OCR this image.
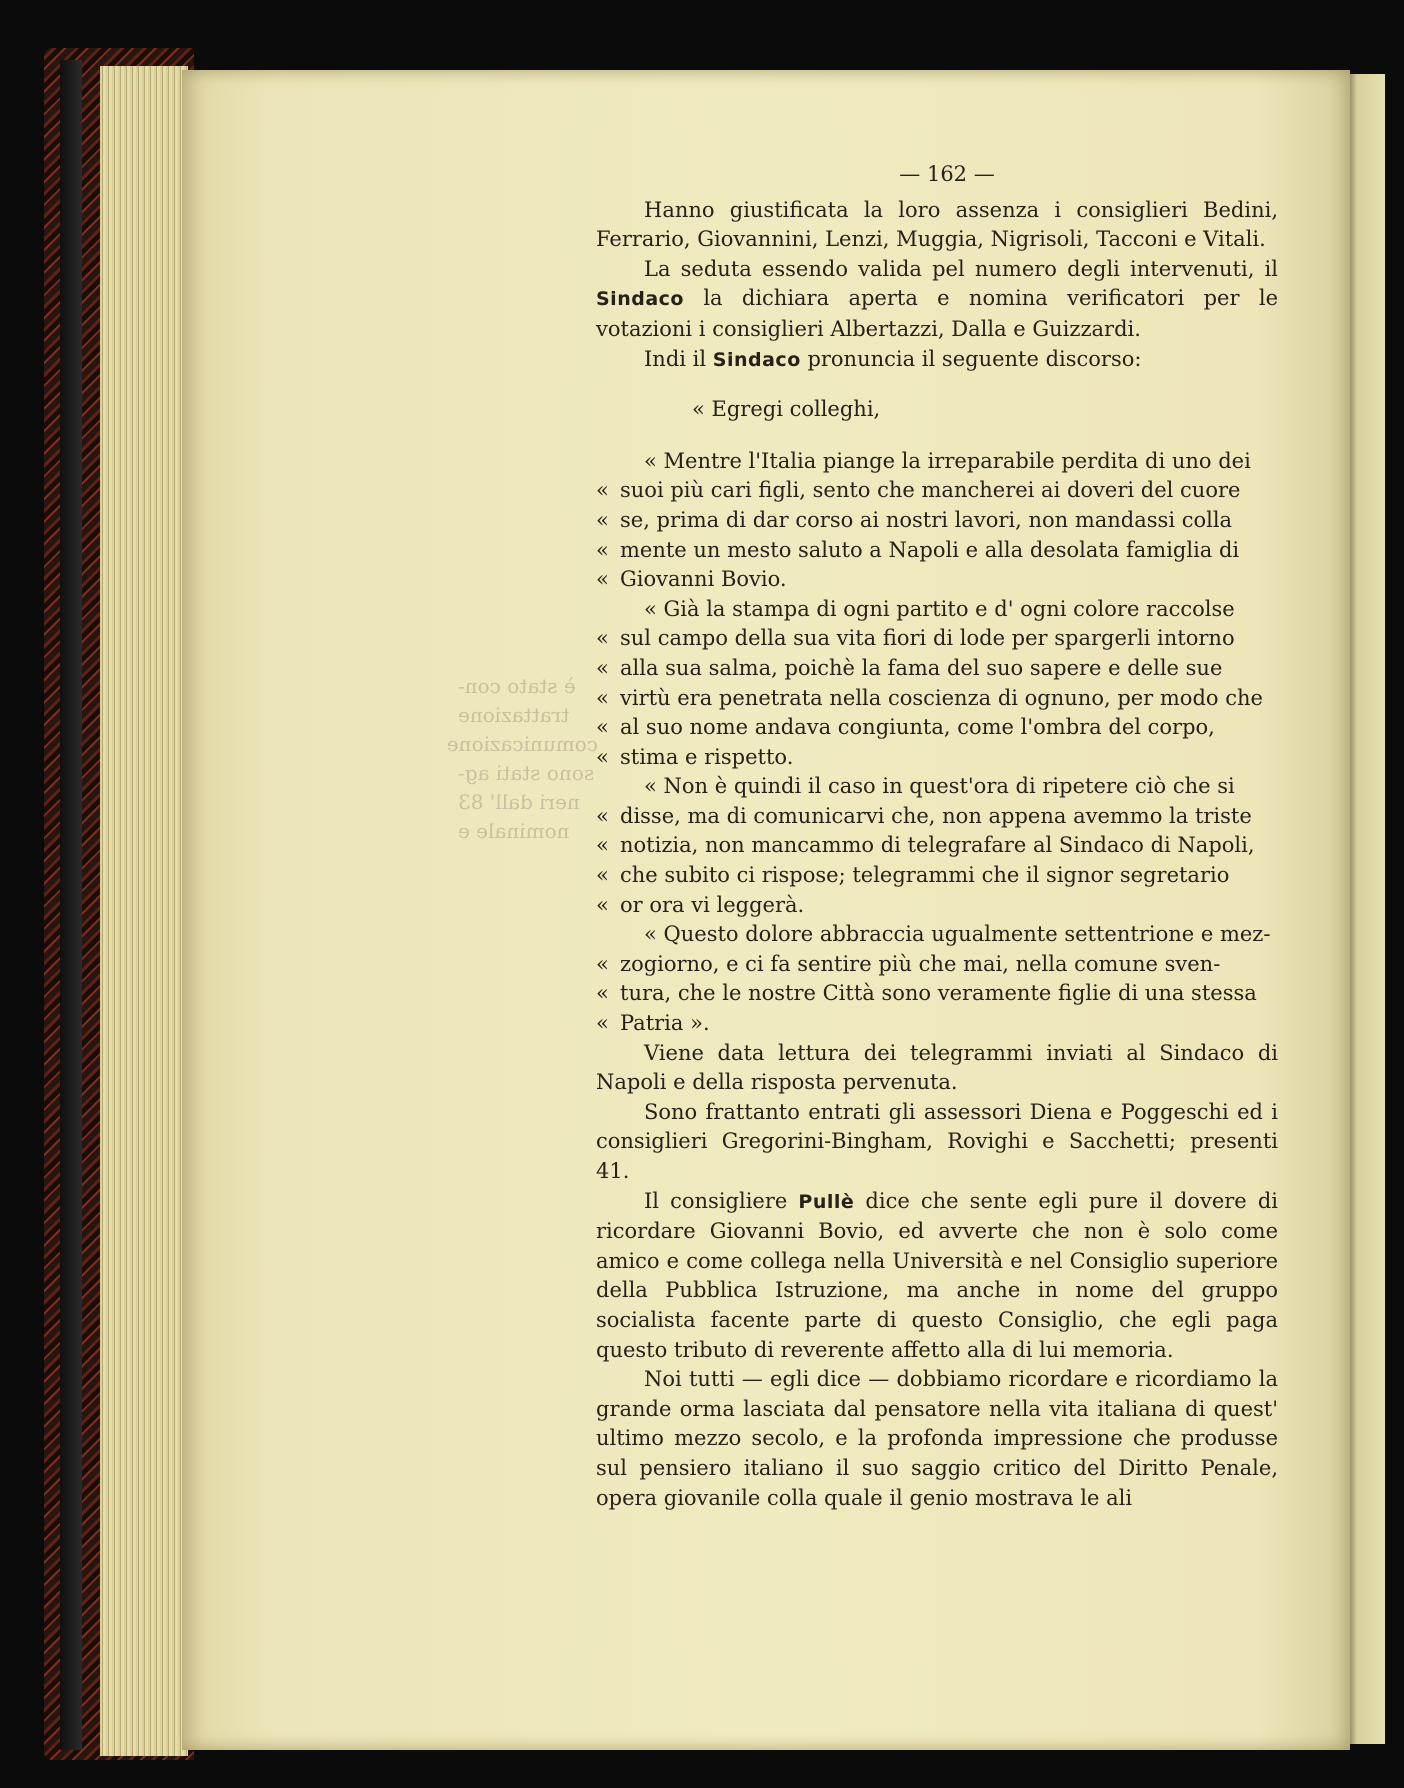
è stato con-
trattazione
comunicazione
sono stati ag-
neri dall' 83
nominale e
— 162 —

Hanno giustificata la loro assenza i consiglieri Bedini, Ferrario, Giovannini, Lenzi, Muggia, Nigrisoli, Tacconi e Vitali.

La seduta essendo valida pel numero degli intervenuti, il Sindaco la dichiara aperta e nomina verificatori per le votazioni i consiglieri Albertazzi, Dalla e Guizzardi.

Indi il Sindaco pronuncia il seguente discorso:

« Egregi colleghi,

« Mentre l'Italia piange la irreparabile perdita di uno dei

« suoi più cari figli, sento che mancherei ai doveri del cuore

« se, prima di dar corso ai nostri lavori, non mandassi colla

« mente un mesto saluto a Napoli e alla desolata famiglia di

« Giovanni Bovio.

« Già la stampa di ogni partito e d' ogni colore raccolse

« sul campo della sua vita fiori di lode per spargerli intorno

« alla sua salma, poichè la fama del suo sapere e delle sue

« virtù era penetrata nella coscienza di ognuno, per modo che

« al suo nome andava congiunta, come l'ombra del corpo,

« stima e rispetto.

« Non è quindi il caso in quest'ora di ripetere ciò che si

« disse, ma di comunicarvi che, non appena avemmo la triste

« notizia, non mancammo di telegrafare al Sindaco di Napoli,

« che subito ci rispose; telegrammi che il signor segretario

« or ora vi leggerà.

« Questo dolore abbraccia ugualmente settentrione e mez-

« zogiorno, e ci fa sentire più che mai, nella comune sven-

« tura, che le nostre Città sono veramente figlie di una stessa

« Patria ».

Viene data lettura dei telegrammi inviati al Sindaco di Napoli e della risposta pervenuta.

Sono frattanto entrati gli assessori Diena e Poggeschi ed i consiglieri Gregorini-Bingham, Rovighi e Sacchetti; presenti 41.

Il consigliere Pullè dice che sente egli pure il dovere di ricordare Giovanni Bovio, ed avverte che non è solo come amico e come collega nella Università e nel Consiglio superiore della Pubblica Istruzione, ma anche in nome del gruppo socialista facente parte di questo Consiglio, che egli paga questo tributo di reverente affetto alla di lui memoria.

Noi tutti — egli dice — dobbiamo ricordare e ricordiamo la grande orma lasciata dal pensatore nella vita italiana di quest' ultimo mezzo secolo, e la profonda impressione che produsse sul pensiero italiano il suo saggio critico del Diritto Penale, opera giovanile colla quale il genio mostrava le ali
